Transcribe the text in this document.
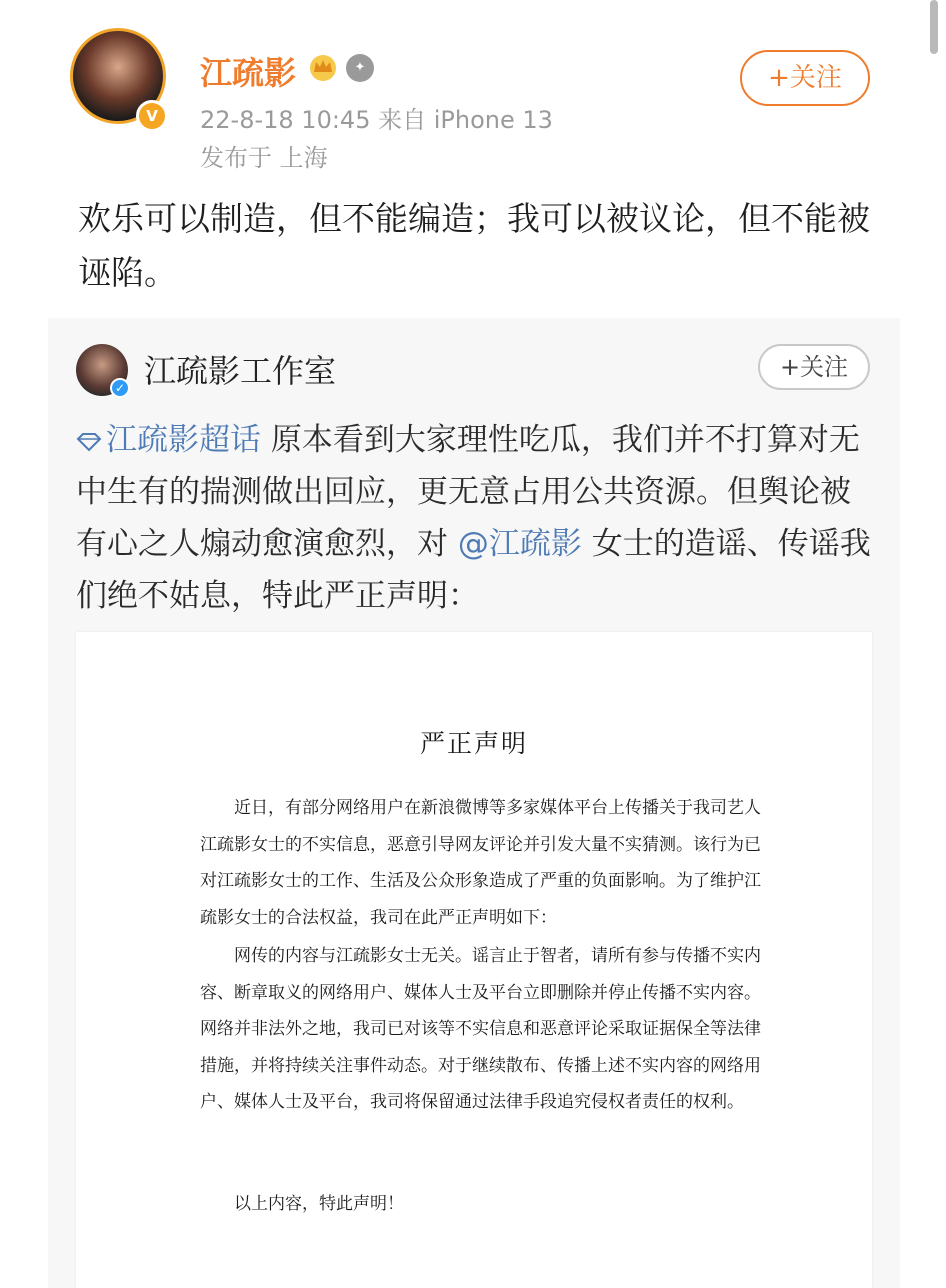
V
江疏影	✦
22-8-18 10:45 来自 iPhone 13
发布于 上海
+关注

欢乐可以制造，但不能编造；我可以被议论，但不能被诬陷。

✓ 江疏影工作室	+关注

江疏影超话 原本看到大家理性吃瓜，我们并不打算对无中生有的揣测做出回应，更无意占用公共资源。但舆论被有心之人煽动愈演愈烈，对 @江疏影 女士的造谣、传谣我们绝不姑息，特此严正声明：

严正声明

近日，有部分网络用户在新浪微博等多家媒体平台上传播关于我司艺人江疏影女士的不实信息，恶意引导网友评论并引发大量不实猜测。该行为已对江疏影女士的工作、生活及公众形象造成了严重的负面影响。为了维护江疏影女士的合法权益，我司在此严正声明如下：

网传的内容与江疏影女士无关。谣言止于智者，请所有参与传播不实内容、断章取义的网络用户、媒体人士及平台立即删除并停止传播不实内容。网络并非法外之地，我司已对该等不实信息和恶意评论采取证据保全等法律措施，并将持续关注事件动态。对于继续散布、传播上述不实内容的网络用户、媒体人士及平台，我司将保留通过法律手段追究侵权者责任的权利。

以上内容，特此声明！
